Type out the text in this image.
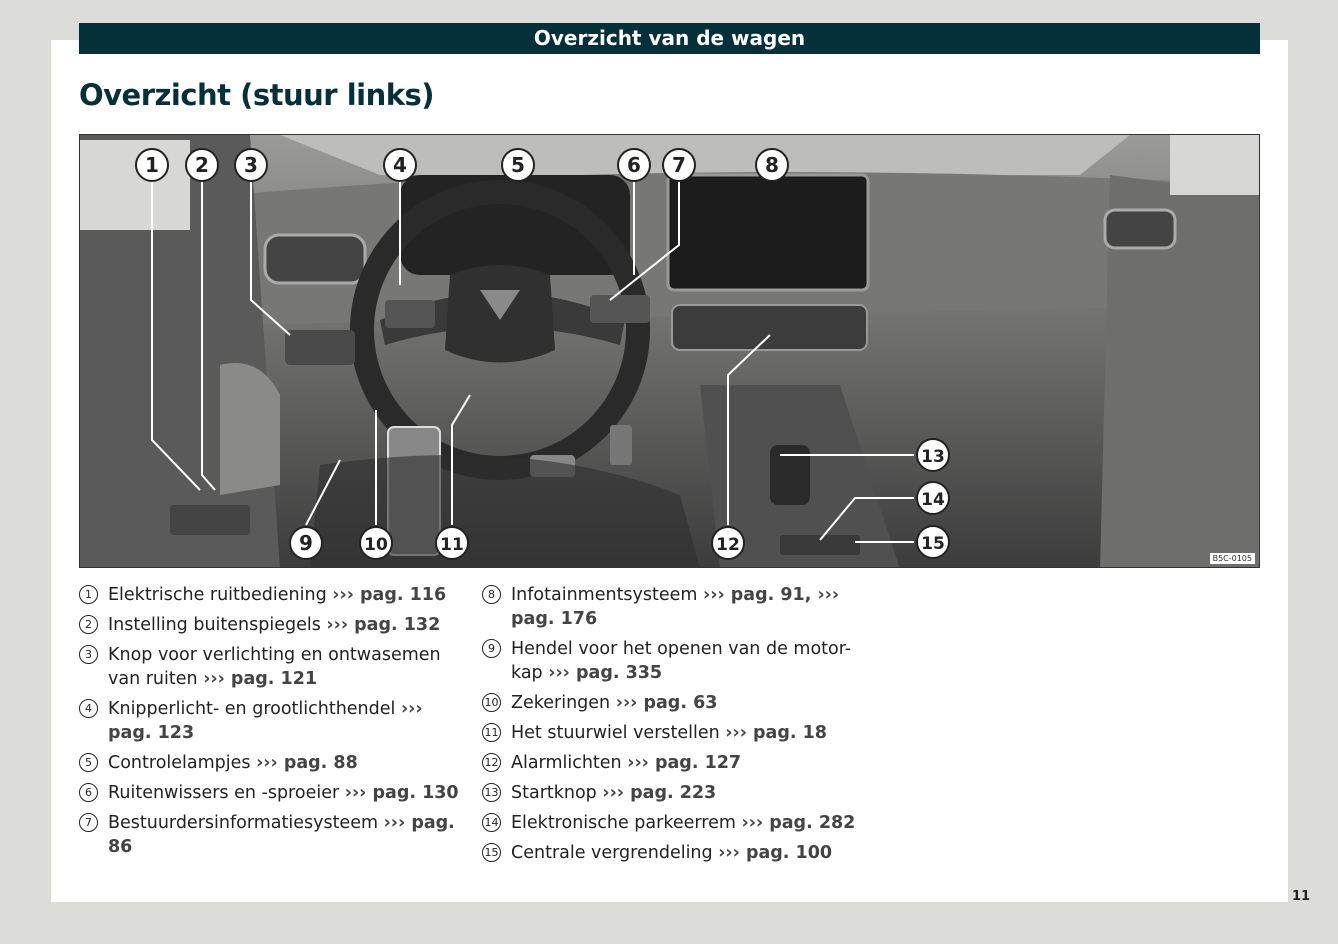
Overzicht van de wagen
Overzicht (stuur links)
1 2 3	4	5	6 7	8
9	10	11	12
13
14
15
B5C-0105
1 Elektrische ruitbediening ››› pag. 116
2 Instelling buitenspiegels ››› pag. 132
3 Knop voor verlichting en ontwasemen van ruiten ››› pag. 121
4 Knipperlicht- en grootlichthendel ››› pag. 123
5 Controlelampjes ››› pag. 88
6 Ruitenwissers en -sproeier ››› pag. 130
7 Bestuurdersinformatiesysteem ››› pag. 86
8 Infotainmentsysteem ››› pag. 91, ››› pag. 176
9 Hendel voor het openen van de motor-kap ››› pag. 335
10 Zekeringen ››› pag. 63
11 Het stuurwiel verstellen ››› pag. 18
12 Alarmlichten ››› pag. 127
13 Startknop ››› pag. 223
14 Elektronische parkeerrem ››› pag. 282
15 Centrale vergrendeling ››› pag. 100
11
